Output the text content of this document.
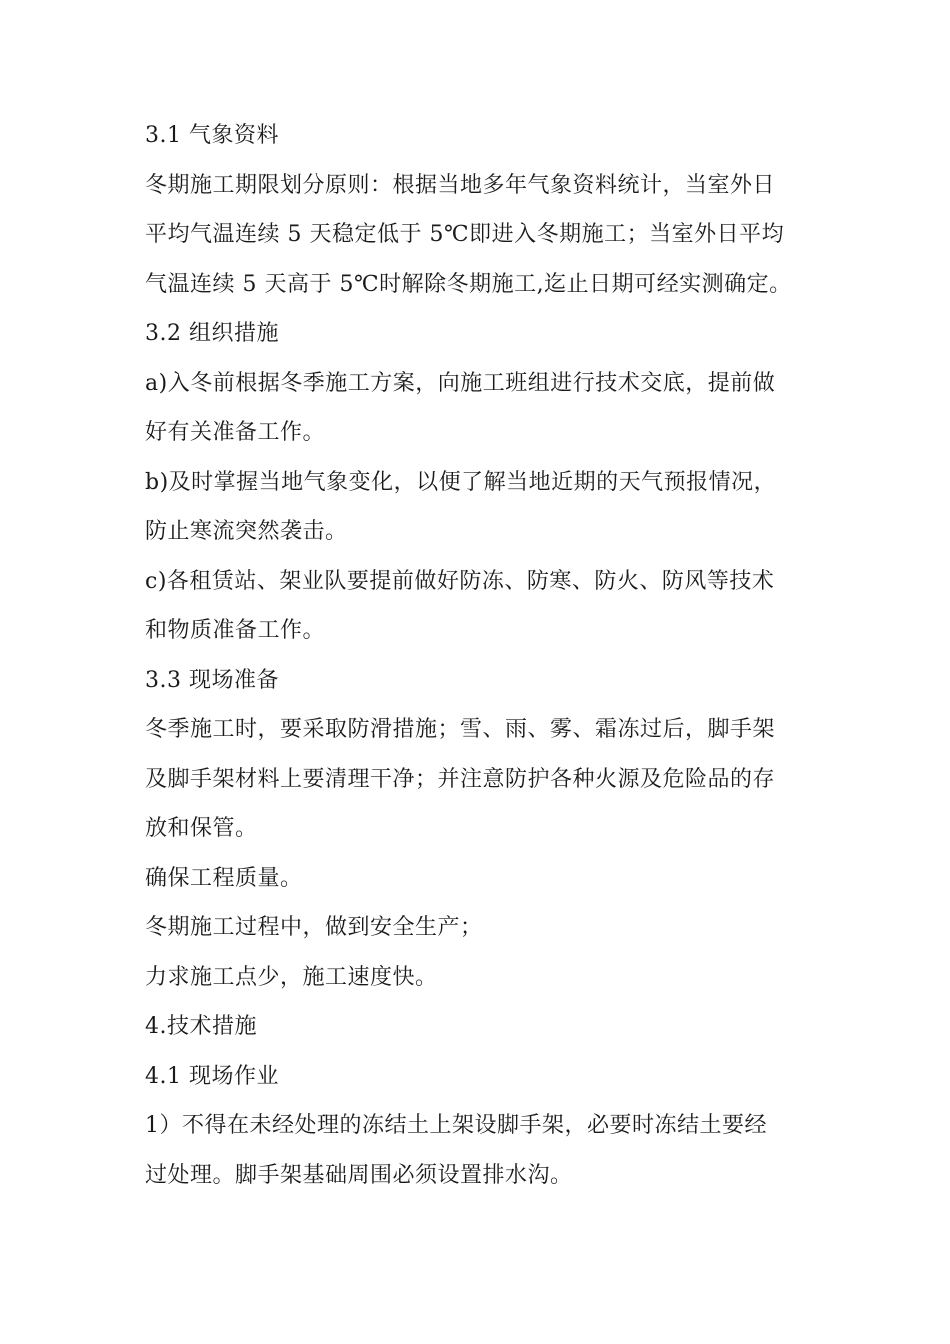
3.1 气象资料
冬期施工期限划分原则：根据当地多年气象资料统计，当室外日
平均气温连续 5 天稳定低于 5℃即进入冬期施工；当室外日平均
气温连续 5 天高于 5℃时解除冬期施工,迄止日期可经实测确定。
3.2 组织措施
a)入冬前根据冬季施工方案，向施工班组进行技术交底，提前做
好有关准备工作。
b)及时掌握当地气象变化，以便了解当地近期的天气预报情况，
防止寒流突然袭击。
c)各租赁站、架业队要提前做好防冻、防寒、防火、防风等技术
和物质准备工作。
3.3 现场准备
冬季施工时，要采取防滑措施；雪、雨、雾、霜冻过后，脚手架
及脚手架材料上要清理干净；并注意防护各种火源及危险品的存
放和保管。
确保工程质量。
冬期施工过程中，做到安全生产；
力求施工点少，施工速度快。
4.技术措施
4.1 现场作业
1）不得在未经处理的冻结土上架设脚手架，必要时冻结土要经
过处理。脚手架基础周围必须设置排水沟。
